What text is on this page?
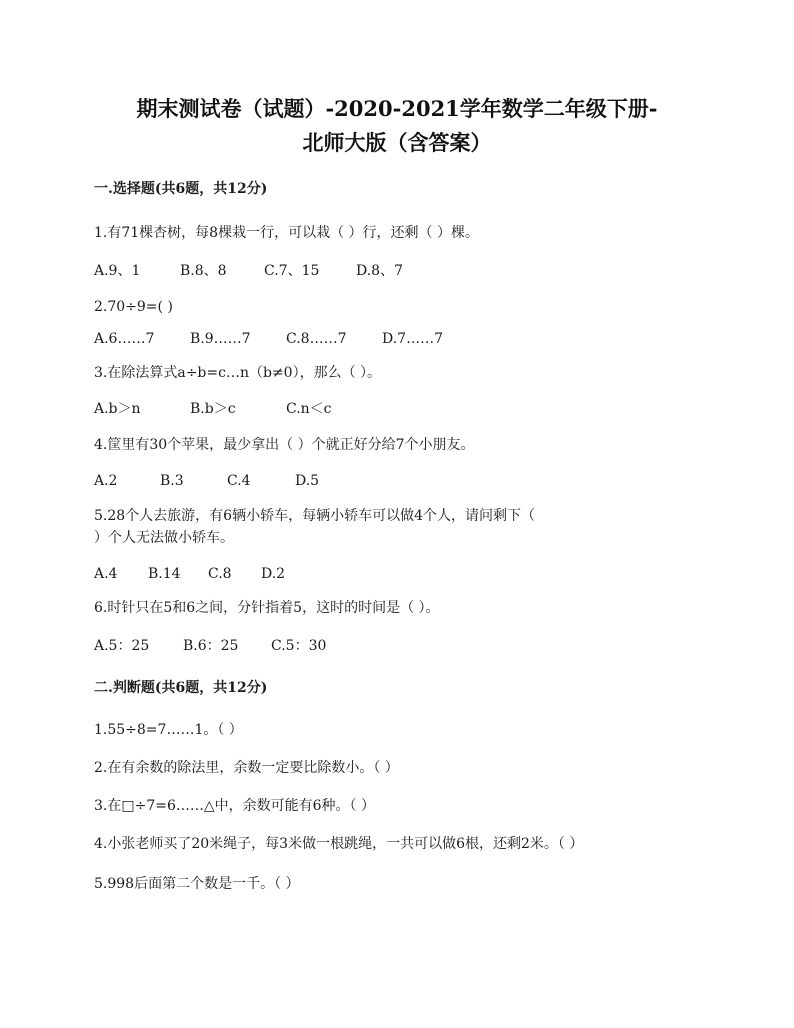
期末测试卷（试题）-2020-2021学年数学二年级下册-
北师大版（含答案）
一.选择题(共6题，共12分)
1.有71棵杏树，每8棵栽一行，可以栽（ ）行，还剩（ ）棵。
A.9、1	B.8、8	C.7、15	D.8、7
2.70÷9=( )
A.6……7	B.9……7	C.8……7	D.7……7
3.在除法算式a÷b=c…n（b≠0），那么（ ）。
A.b＞n	B.b＞c	C.n＜c
4.筐里有30个苹果，最少拿出（ ）个就正好分给7个小朋友。
A.2	B.3	C.4	D.5
5.28个人去旅游，有6辆小轿车，每辆小轿车可以做4个人，请问剩下（
）个人无法做小轿车。
A.4 B.14 C.8 D.2
6.时针只在5和6之间，分针指着5，这时的时间是（ ）。
A.5：25 B.6：25 C.5：30
二.判断题(共6题，共12分)
1.55÷8=7……1。（ ）
2.在有余数的除法里，余数一定要比除数小。（ ）
3.在□÷7=6……△中，余数可能有6种。（ ）
4.小张老师买了20米绳子，每3米做一根跳绳，一共可以做6根，还剩2米。（ ）
5.998后面第二个数是一千。（ ）
